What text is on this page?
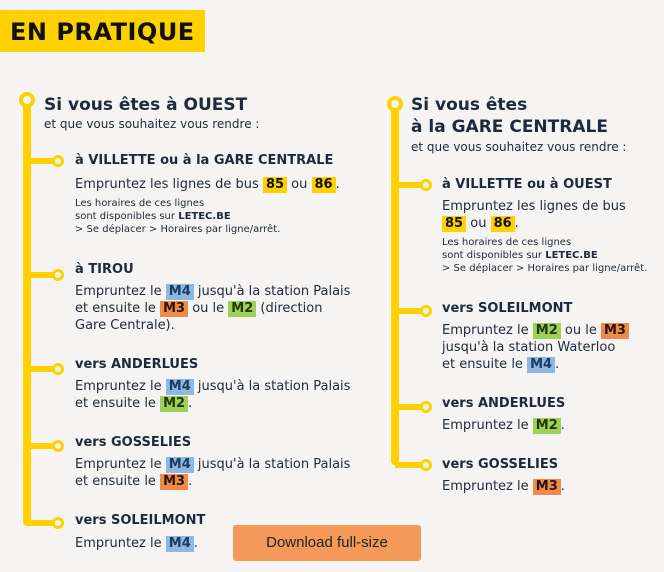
EN PRATIQUE
Si vous êtes à OUEST
et que vous souhaitez vous rendre :
à VILLETTE ou à la GARE CENTRALE
Empruntez les lignes de bus 85 ou 86 .
Les horaires de ces lignes
sont disponibles sur LETEC.BE
> Se déplacer > Horaires par ligne/arrêt.
à TIROU
Empruntez le M4 jusqu'à la station Palais
et ensuite le M3 ou le M2 (direction
Gare Centrale).
vers ANDERLUES
Empruntez le M4 jusqu'à la station Palais
et ensuite le M2 .
vers GOSSELIES
Empruntez le M4 jusqu'à la station Palais
et ensuite le M3 .
vers SOLEILMONT
Empruntez le M4 .
Si vous êtes
à la GARE CENTRALE
et que vous souhaitez vous rendre :
à VILLETTE ou à OUEST
Empruntez les lignes de bus
85 ou 86 .
Les horaires de ces lignes
sont disponibles sur LETEC.BE
> Se déplacer > Horaires par ligne/arrêt.
vers SOLEILMONT
Empruntez le M2 ou le M3
jusqu'à la station Waterloo
et ensuite le M4 .
vers ANDERLUES
Empruntez le M2 .
vers GOSSELIES
Empruntez le M3 .
Download full-size
